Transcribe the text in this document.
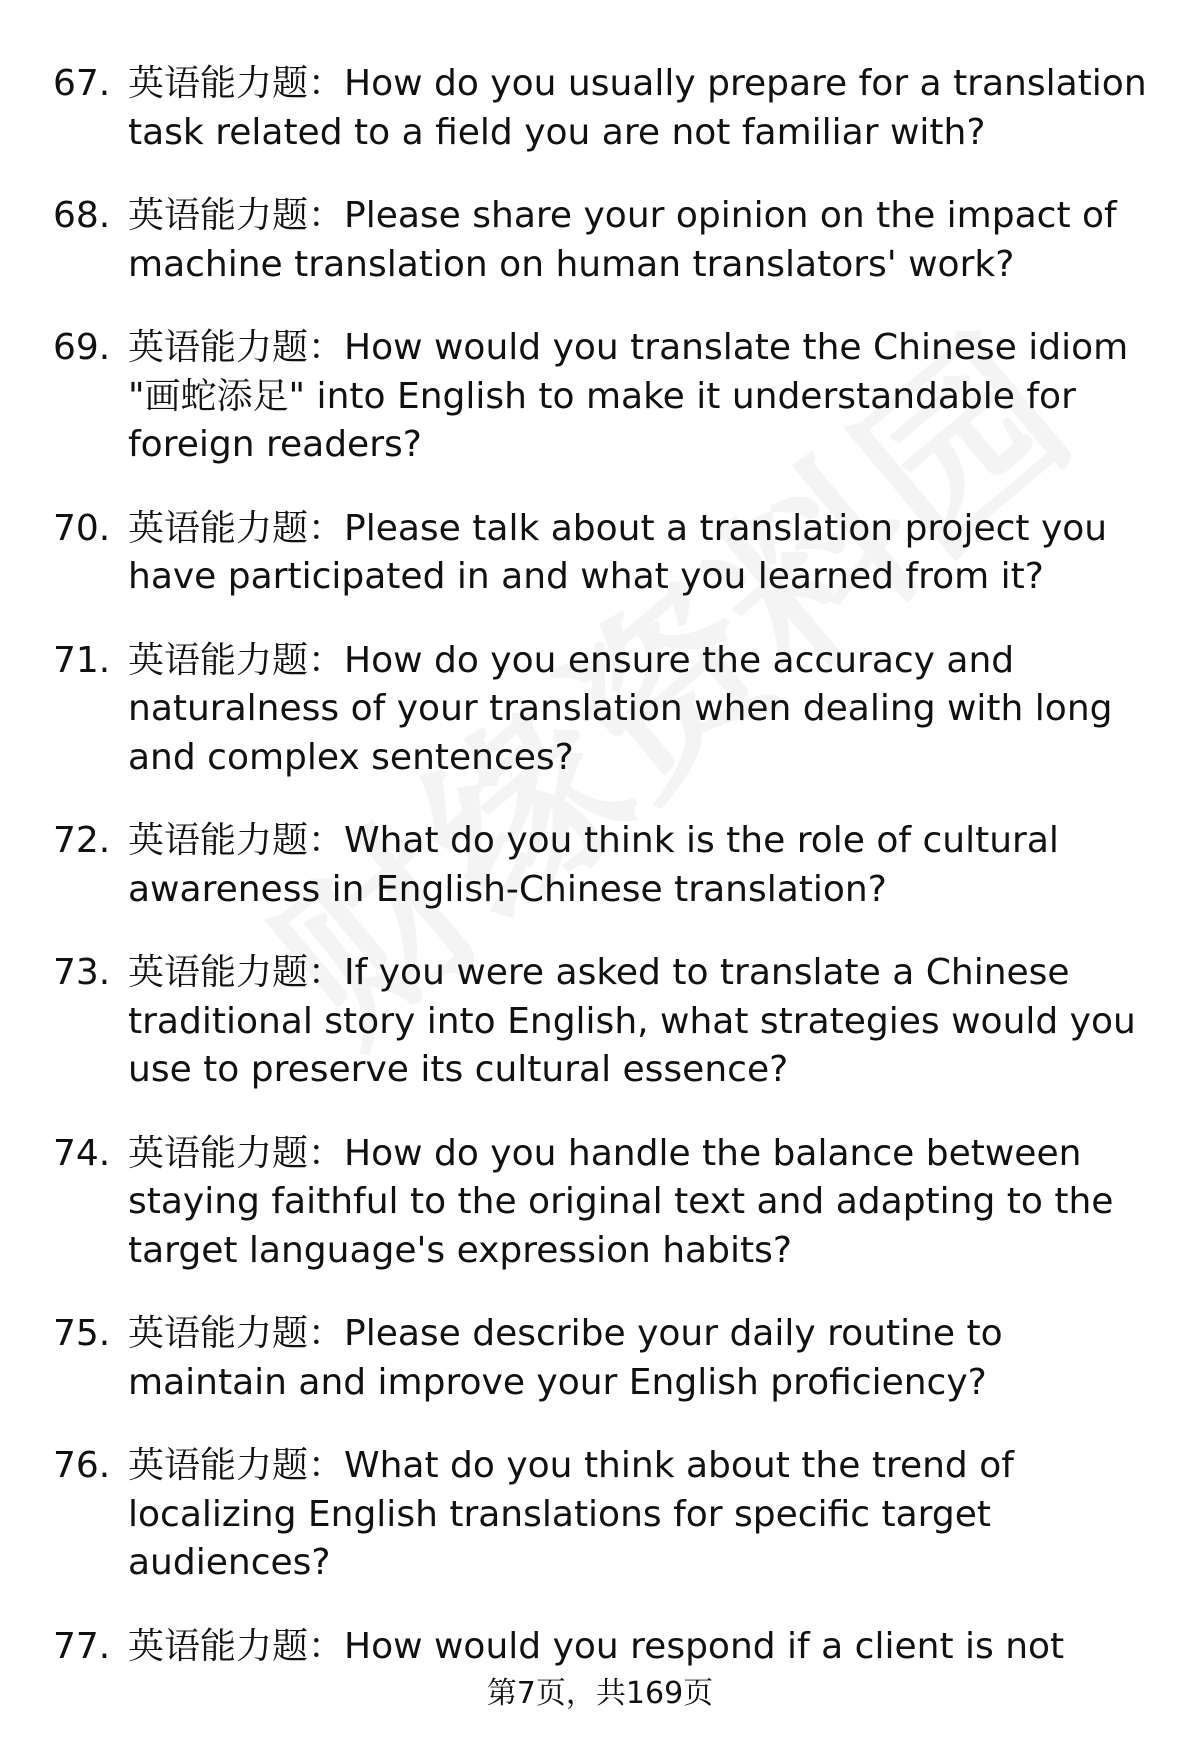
67. 英语能力题：How do you usually prepare for a translation task related to a field you are not familiar with?
68. 英语能力题：Please share your opinion on the impact of machine translation on human translators' work?
69. 英语能力题：How would you translate the Chinese idiom "画蛇添足" into English to make it understandable for foreign readers?
70. 英语能力题：Please talk about a translation project you have participated in and what you learned from it?
71. 英语能力题：How do you ensure the accuracy and naturalness of your translation when dealing with long and complex sentences?
72. 英语能力题：What do you think is the role of cultural awareness in English-Chinese translation?
73. 英语能力题：If you were asked to translate a Chinese traditional story into English, what strategies would you use to preserve its cultural essence?
74. 英语能力题：How do you handle the balance between staying faithful to the original text and adapting to the target language's expression habits?
75. 英语能力题：Please describe your daily routine to maintain and improve your English proficiency?
76. 英语能力题：What do you think about the trend of localizing English translations for specific target audiences?
77. 英语能力题：How would you respond if a client is not
第7页，共169页
